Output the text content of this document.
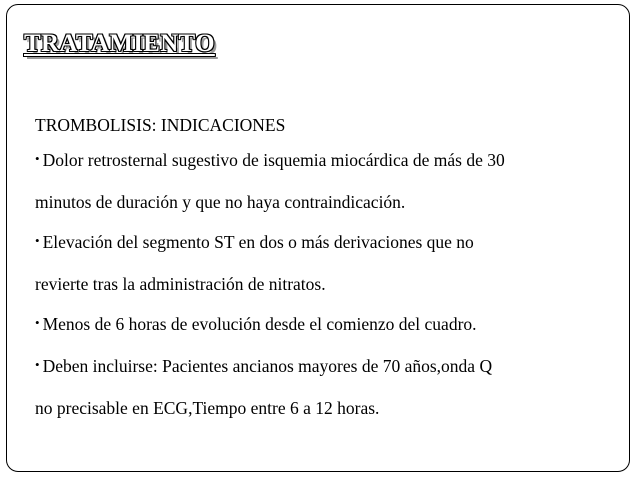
TRATAMIENTO

TROMBOLISIS: INDICACIONES

• Dolor retrosternal sugestivo de isquemia miocárdica de más de 30

minutos de duración y que no haya contraindicación.

• Elevación del segmento ST en dos o más derivaciones que no

revierte tras la administración de nitratos.

• Menos de 6 horas de evolución desde el comienzo del cuadro.

• Deben incluirse: Pacientes ancianos mayores de 70 años,onda Q

no precisable en ECG,Tiempo entre 6 a 12 horas.
